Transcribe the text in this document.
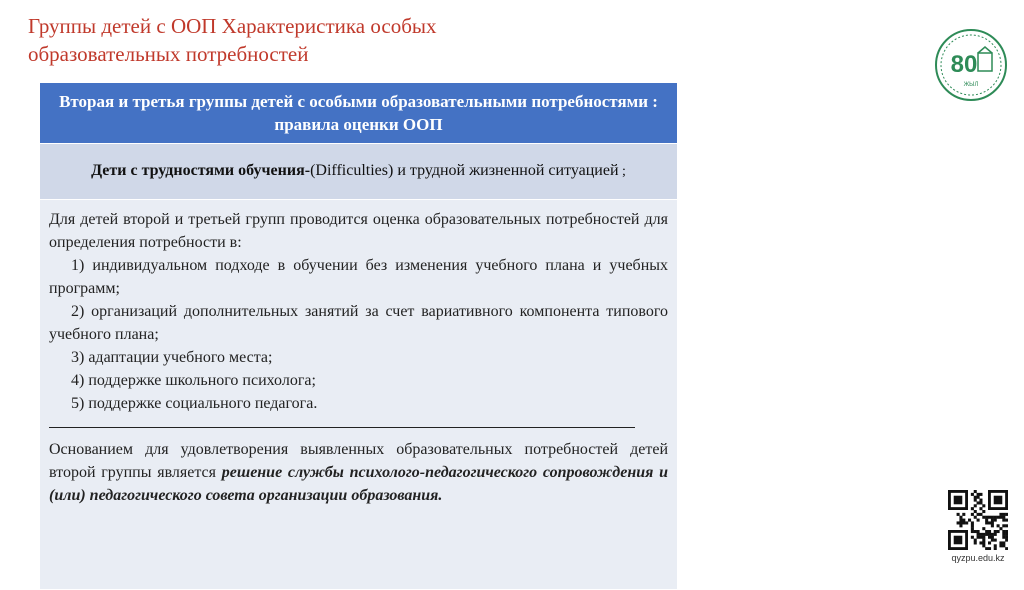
Группы детей с ООП Характеристика особых образовательных потребностей	80
ЖЫЛ
Вторая и третья группы детей с особыми образовательными потребностями : правила оценки ООП
Дети с трудностями обучения-(Difficulties) и трудной жизненной ситуацией ;

Для детей второй и третьей групп проводится оценка образовательных потребностей для определения потребности в:

1) индивидуальном подходе в обучении без изменения учебного плана и учебных программ;

2) организаций дополнительных занятий за счет вариативного компонента типового учебного плана;

3) адаптации учебного места;

4) поддержке школьного психолога;

5) поддержке социального педагога.

Основанием для удовлетворения выявленных образовательных потребностей детей второй группы является решение службы психолого-педагогического сопровождения и (или) педагогического совета организации образования.

qyzpu.edu.kz
